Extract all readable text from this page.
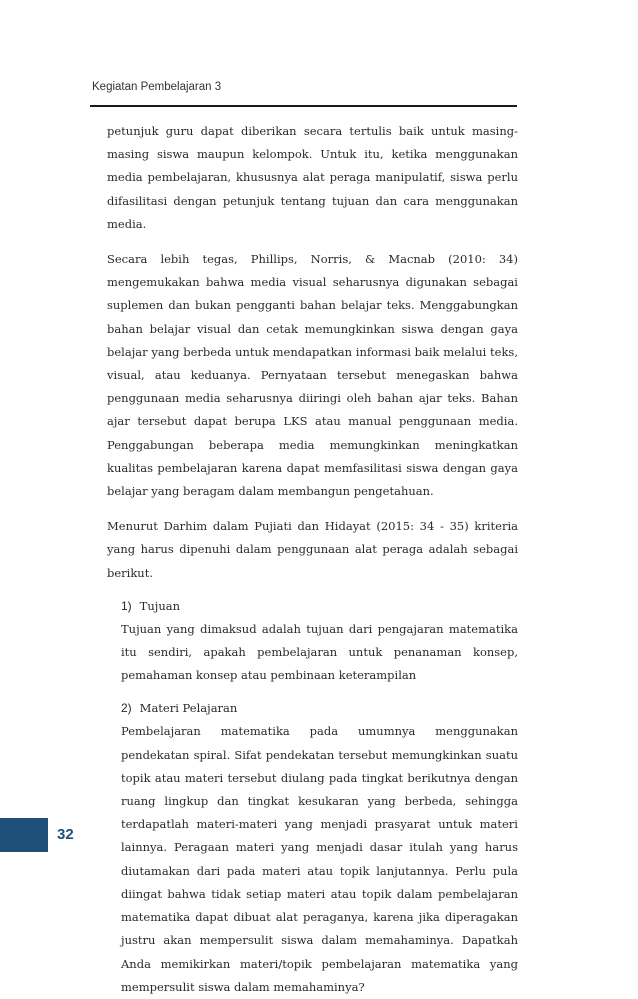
Kegiatan Pembelajaran 3

petunjuk guru dapat diberikan secara tertulis baik untuk masing-masing siswa maupun kelompok. Untuk itu, ketika menggunakan media pembelajaran, khususnya alat peraga manipulatif, siswa perlu difasilitasi dengan petunjuk tentang tujuan dan cara menggunakan media.

Secara lebih tegas, Phillips, Norris, & Macnab (2010: 34) mengemukakan bahwa media visual seharusnya digunakan sebagai suplemen dan bukan pengganti bahan belajar teks. Menggabungkan bahan belajar visual dan cetak memungkinkan siswa dengan gaya belajar yang berbeda untuk mendapatkan informasi baik melalui teks, visual, atau keduanya. Pernyataan tersebut menegaskan bahwa penggunaan media seharusnya diiringi oleh bahan ajar teks. Bahan ajar tersebut dapat berupa LKS atau manual penggunaan media. Penggabungan beberapa media memungkinkan meningkatkan kualitas pembelajaran karena dapat memfasilitasi siswa dengan gaya belajar yang beragam dalam membangun pengetahuan.

Menurut Darhim dalam Pujiati dan Hidayat (2015: 34 - 35) kriteria yang harus dipenuhi dalam penggunaan alat peraga adalah sebagai berikut.

1) Tujuan

Tujuan yang dimaksud adalah tujuan dari pengajaran matematika itu sendiri, apakah pembelajaran untuk penanaman konsep, pemahaman konsep atau pembinaan keterampilan

2) Materi Pelajaran

Pembelajaran matematika pada umumnya menggunakan pendekatan spiral. Sifat pendekatan tersebut memungkinkan suatu topik atau materi tersebut diulang pada tingkat berikutnya dengan ruang lingkup dan tingkat kesukaran yang berbeda, sehingga terdapatlah materi-materi yang menjadi prasyarat untuk materi lainnya. Peragaan materi yang menjadi dasar itulah yang harus diutamakan dari pada materi atau topik lanjutannya. Perlu pula diingat bahwa tidak setiap materi atau topik dalam pembelajaran matematika dapat dibuat alat peraganya, karena jika diperagakan justru akan mempersulit siswa dalam memahaminya. Dapatkah Anda memikirkan materi/topik pembelajaran matematika yang mempersulit siswa dalam memahaminya?

32
